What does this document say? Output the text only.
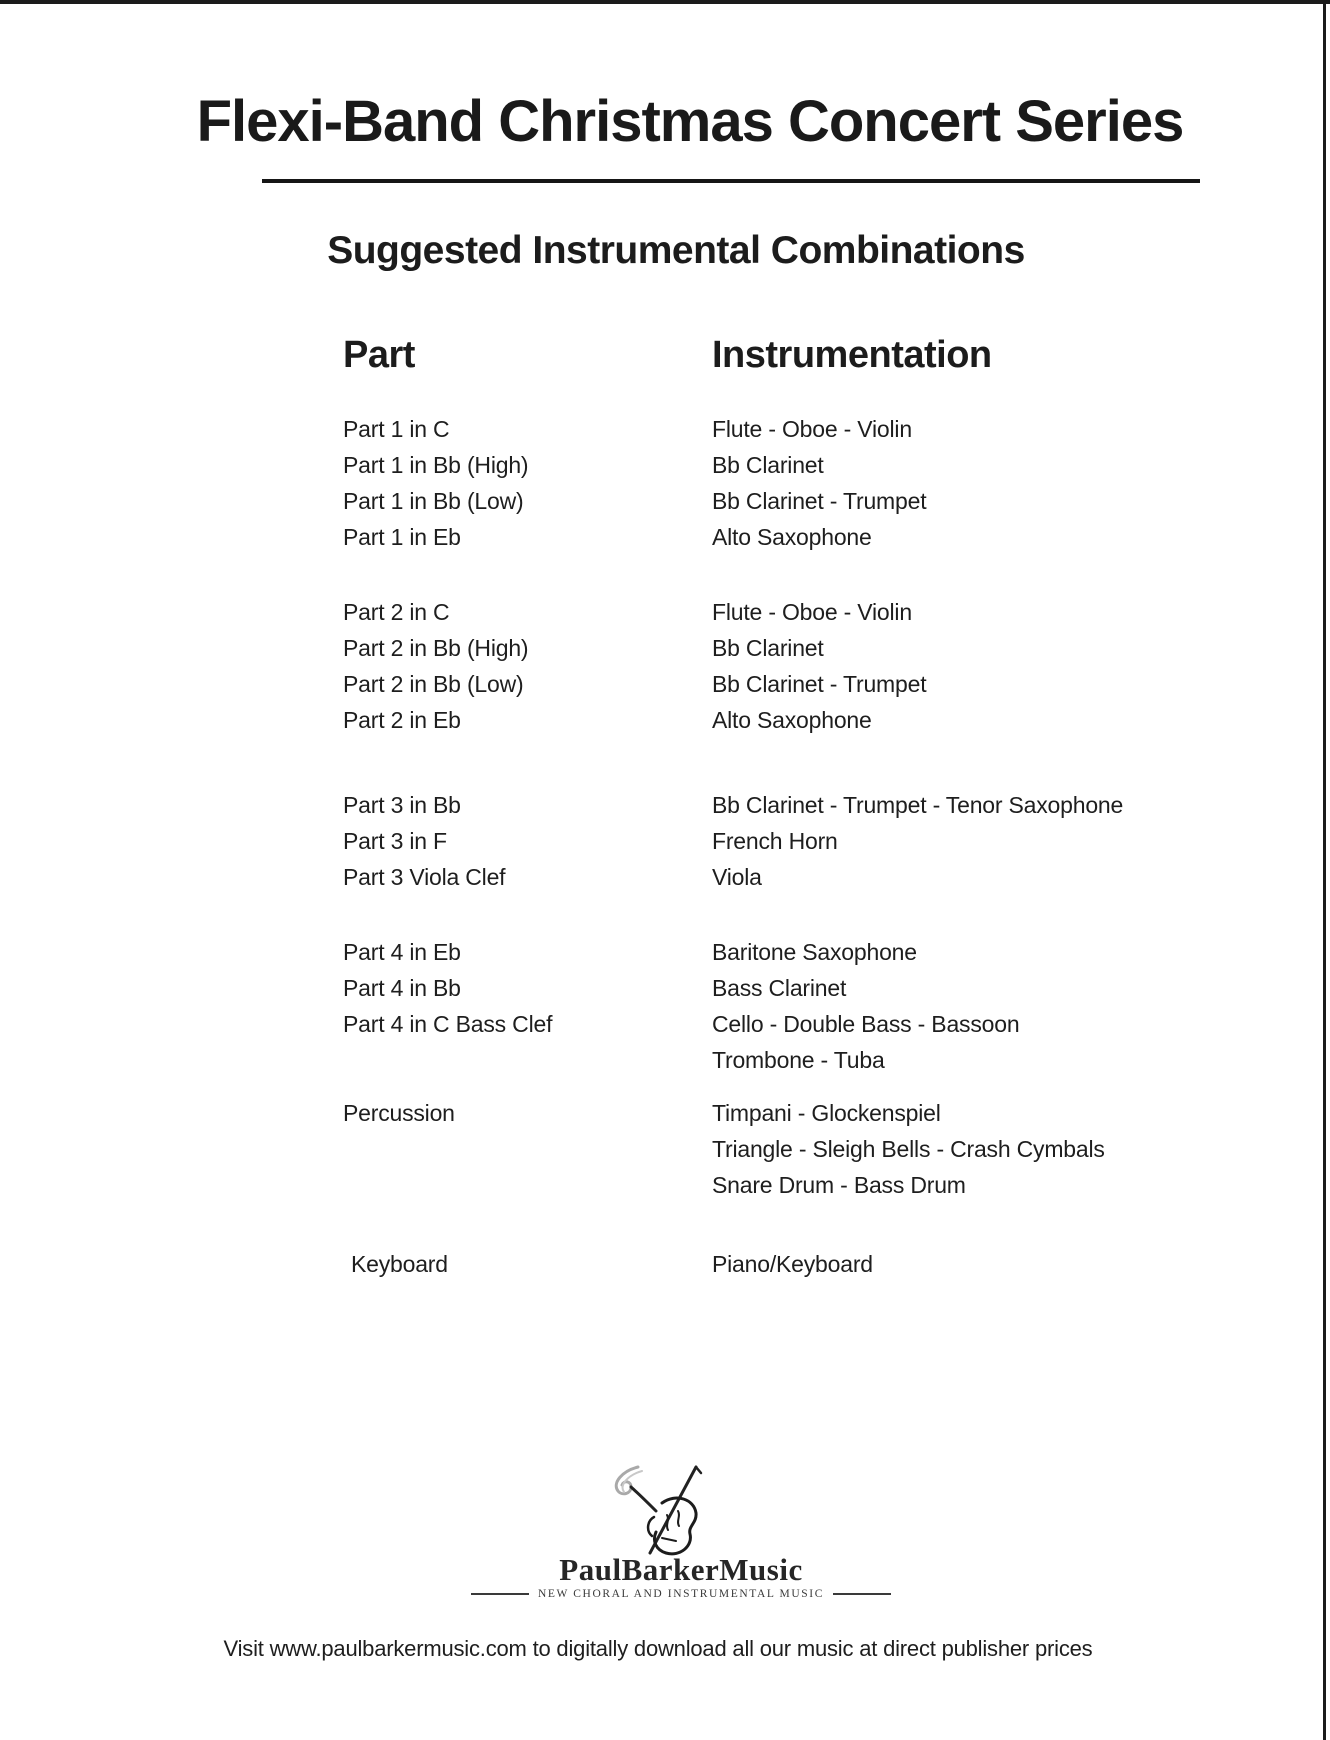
Flexi-Band Christmas Concert Series
Suggested Instrumental Combinations
Part	Instrumentation
Part 1 in C	Flute - Oboe - Violin
Part 1 in Bb (High)	Bb Clarinet
Part 1 in Bb (Low)	Bb Clarinet - Trumpet
Part 1 in Eb	Alto Saxophone
Part 2 in C	Flute - Oboe - Violin
Part 2 in Bb (High)	Bb Clarinet
Part 2 in Bb (Low)	Bb Clarinet - Trumpet
Part 2 in Eb	Alto Saxophone
Part 3 in Bb	Bb Clarinet - Trumpet - Tenor Saxophone
Part 3 in F	French Horn
Part 3 Viola Clef	Viola
Part 4 in Eb	Baritone Saxophone
Part 4 in Bb	Bass Clarinet
Part 4 in C Bass Clef	Cello - Double Bass - Bassoon
Trombone - Tuba
Percussion	Timpani - Glockenspiel
Triangle - Sleigh Bells - Crash Cymbals
Snare Drum - Bass Drum
Keyboard	Piano/Keyboard
PaulBarkerMusic
NEW CHORAL AND INSTRUMENTAL MUSIC
Visit www.paulbarkermusic.com to digitally download all our music at direct publisher prices
